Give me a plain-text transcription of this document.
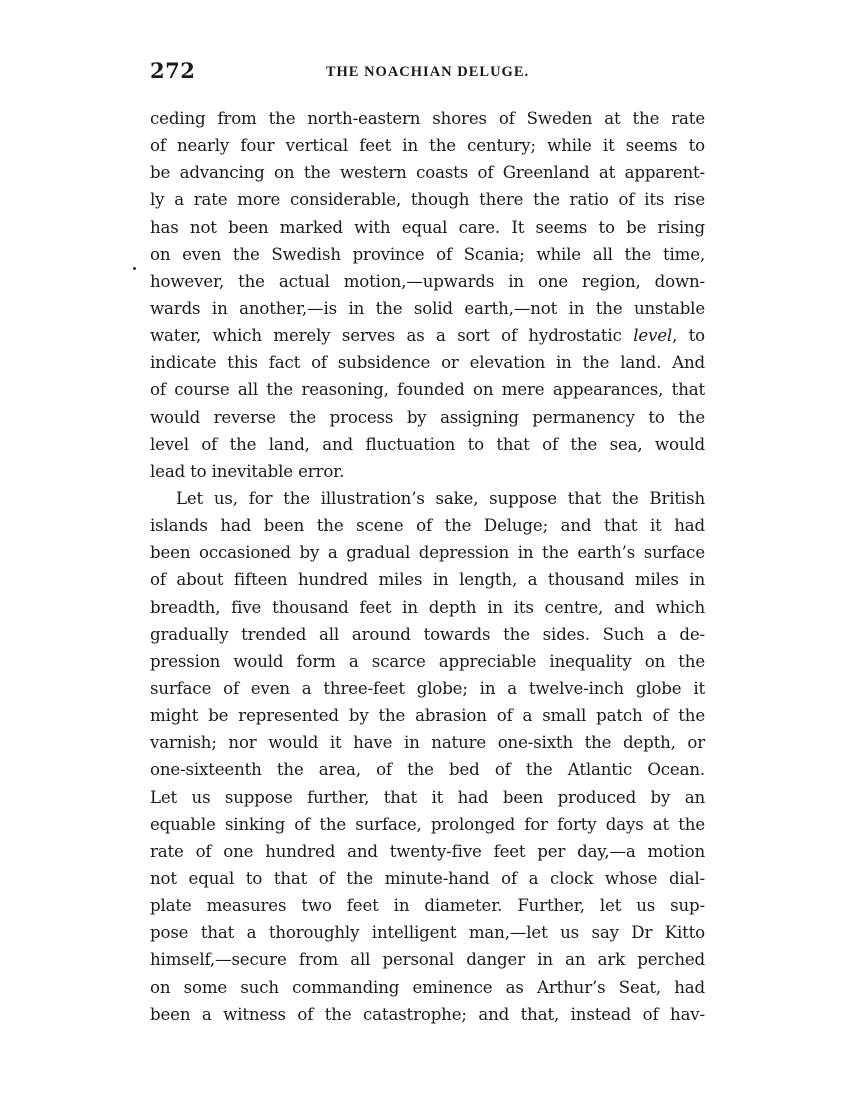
272	THE NOACHIAN DELUGE.
ceding from the north-eastern shores of Sweden at the rate
of nearly four vertical feet in the century; while it seems to
be advancing on the western coasts of Greenland at apparent-
ly a rate more considerable, though there the ratio of its rise
has not been marked with equal care. It seems to be rising
on even the Swedish province of Scania; while all the time,
however, the actual motion,—upwards in one region, down-
wards in another,—is in the solid earth,—not in the unstable
water, which merely serves as a sort of hydrostatic level, to
indicate this fact of subsidence or elevation in the land. And
of course all the reasoning, founded on mere appearances, that
would reverse the process by assigning permanency to the
level of the land, and fluctuation to that of the sea, would
lead to inevitable error.
Let us, for the illustration’s sake, suppose that the British
islands had been the scene of the Deluge; and that it had
been occasioned by a gradual depression in the earth’s surface
of about fifteen hundred miles in length, a thousand miles in
breadth, five thousand feet in depth in its centre, and which
gradually trended all around towards the sides. Such a de-
pression would form a scarce appreciable inequality on the
surface of even a three-feet globe; in a twelve-inch globe it
might be represented by the abrasion of a small patch of the
varnish; nor would it have in nature one-sixth the depth, or
one-sixteenth the area, of the bed of the Atlantic Ocean.
Let us suppose further, that it had been produced by an
equable sinking of the surface, prolonged for forty days at the
rate of one hundred and twenty-five feet per day,—a motion
not equal to that of the minute-hand of a clock whose dial-
plate measures two feet in diameter. Further, let us sup-
pose that a thoroughly intelligent man,—let us say Dr Kitto
himself,—secure from all personal danger in an ark perched
on some such commanding eminence as Arthur’s Seat, had
been a witness of the catastrophe; and that, instead of hav-
